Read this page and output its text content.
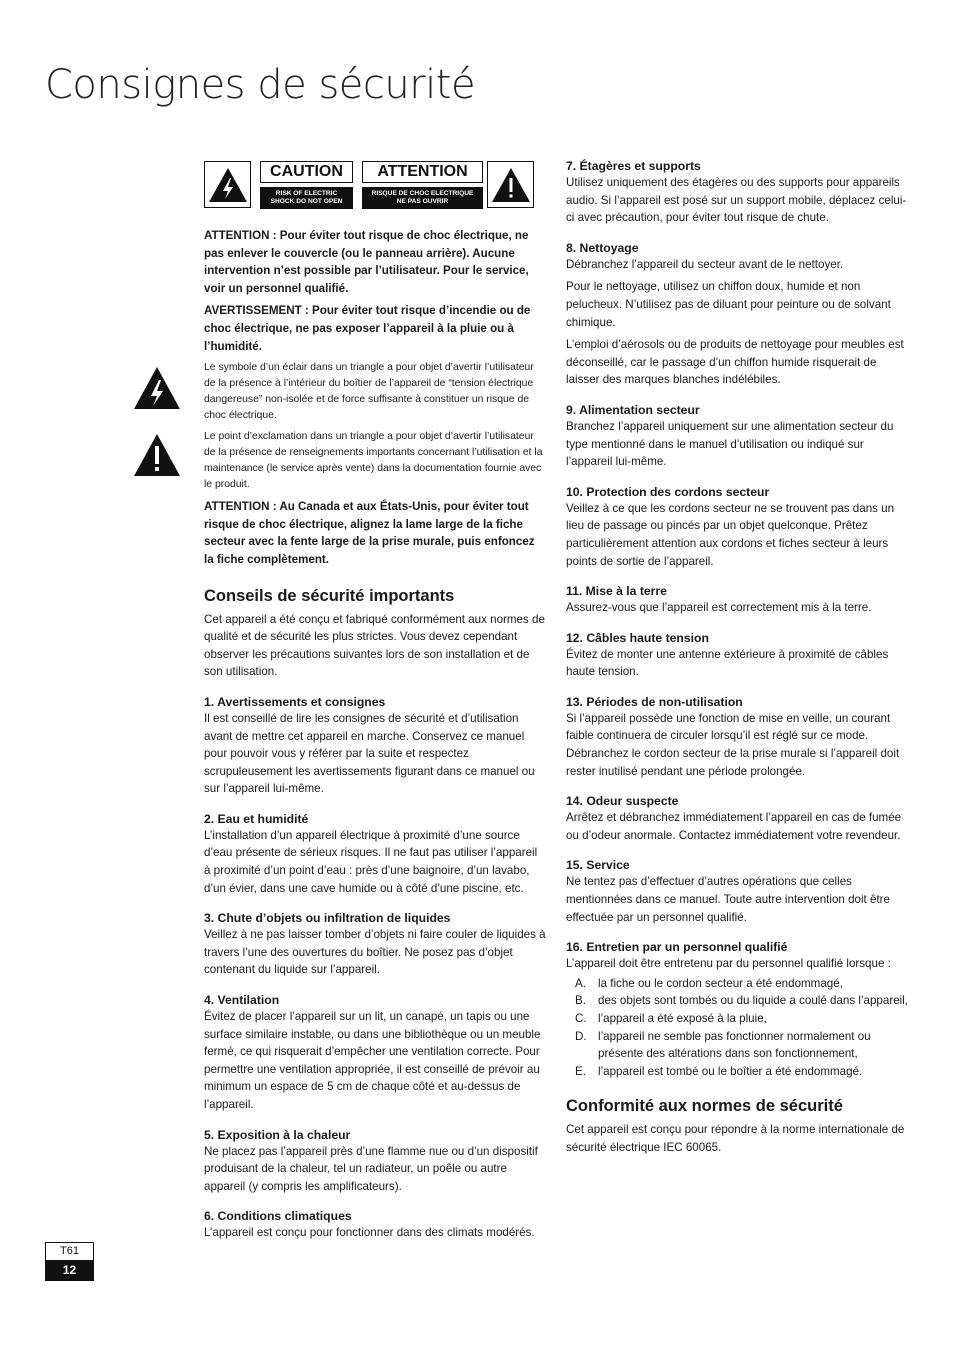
Consignes de sécurité
CAUTION
RISK OF ELECTRIC
SHOCK DO NOT OPEN
ATTENTION
RISQUE DE CHOC ELECTRIQUE
NE PAS OUVRIR

ATTENTION : Pour éviter tout risque de choc électrique, ne pas enlever le couvercle (ou le panneau arrière). Aucune intervention n’est possible par l’utilisateur. Pour le service, voir un personnel qualifié.

AVERTISSEMENT : Pour éviter tout risque d’incendie ou de choc électrique, ne pas exposer l’appareil à la pluie ou à l’humidité.

Le symbole d’un éclair dans un triangle a pour objet d’avertir l’utilisateur de la présence à l’intérieur du boîtier de l’appareil de “tension électrique dangereuse” non-isolée et de force suffisante à constituer un risque de choc électrique.

Le point d’exclamation dans un triangle a pour objet d’avertir l’utilisateur de la présence de renseignements importants concernant l’utilisation et la maintenance (le service après vente) dans la documentation fournie avec le produit.

ATTENTION : Au Canada et aux États-Unis, pour éviter tout risque de choc électrique, alignez la lame large de la fiche secteur avec la fente large de la prise murale, puis enfoncez la fiche complètement.

Conseils de sécurité importants

Cet appareil a été conçu et fabriqué conformément aux normes de qualité et de sécurité les plus strictes. Vous devez cependant observer les précautions suivantes lors de son installation et de son utilisation.

1. Avertissements et consignes

Il est conseillé de lire les consignes de sécurité et d’utilisation avant de mettre cet appareil en marche. Conservez ce manuel pour pouvoir vous y référer par la suite et respectez scrupuleusement les avertissements figurant dans ce manuel ou sur l’appareil lui-même.

2. Eau et humidité

L’installation d’un appareil électrique à proximité d’une source d’eau présente de sérieux risques. Il ne faut pas utiliser l’appareil à proximité d’un point d’eau : près d’une baignoire, d’un lavabo, d’un évier, dans une cave humide ou à côté d’une piscine, etc.

3. Chute d’objets ou infiltration de liquides

Veillez à ne pas laisser tomber d’objets ni faire couler de liquides à travers l’une des ouvertures du boîtier. Ne posez pas d’objet contenant du liquide sur l’appareil.

4. Ventilation

Évitez de placer l’appareil sur un lit, un canapé, un tapis ou une surface similaire instable, ou dans une bibliothèque ou un meuble fermé, ce qui risquerait d’empêcher une ventilation correcte. Pour permettre une ventilation appropriée, il est conseillé de prévoir au minimum un espace de 5 cm de chaque côté et au-dessus de l’appareil.

5. Exposition à la chaleur

Ne placez pas l’appareil près d’une flamme nue ou d’un dispositif produisant de la chaleur, tel un radiateur, un poêle ou autre appareil (y compris les amplificateurs).

6. Conditions climatiques

L’appareil est conçu pour fonctionner dans des climats modérés.

7. Étagères et supports

Utilisez uniquement des étagères ou des supports pour appareils audio. Si l’appareil est posé sur un support mobile, déplacez celui-ci avec précaution, pour éviter tout risque de chute.

8. Nettoyage

Débranchez l’appareil du secteur avant de le nettoyer.

Pour le nettoyage, utilisez un chiffon doux, humide et non pelucheux. N’utilisez pas de diluant pour peinture ou de solvant chimique.

L’emploi d’aérosols ou de produits de nettoyage pour meubles est déconseillé, car le passage d’un chiffon humide risquerait de laisser des marques blanches indélébiles.

9. Alimentation secteur

Branchez l’appareil uniquement sur une alimentation secteur du type mentionné dans le manuel d’utilisation ou indiqué sur l’appareil lui-même.

10. Protection des cordons secteur

Veillez à ce que les cordons secteur ne se trouvent pas dans un lieu de passage ou pincés par un objet quelconque. Prêtez particulièrement attention aux cordons et fiches secteur à leurs points de sortie de l’appareil.

11. Mise à la terre

Assurez-vous que l’appareil est correctement mis à la terre.

12. Câbles haute tension

Évitez de monter une antenne extérieure à proximité de câbles haute tension.

13. Périodes de non-utilisation

Si l’appareil possède une fonction de mise en veille, un courant faible continuera de circuler lorsqu’il est réglé sur ce mode. Débranchez le cordon secteur de la prise murale si l’appareil doit rester inutilisé pendant une période prolongée.

14. Odeur suspecte

Arrêtez et débranchez immédiatement l’appareil en cas de fumée ou d’odeur anormale. Contactez immédiatement votre revendeur.

15. Service

Ne tentez pas d’effectuer d’autres opérations que celles mentionnées dans ce manuel. Toute autre intervention doit être effectuée par un personnel qualifié.

16. Entretien par un personnel qualifié

L’appareil doit être entretenu par du personnel qualifié lorsque :

A. la fiche ou le cordon secteur a été endommagé,
B. des objets sont tombés ou du liquide a coulé dans l’appareil,
C. l’appareil a été exposé à la pluie,
D. l’appareil ne semble pas fonctionner normalement ou présente des altérations dans son fonctionnement,
E. l’appareil est tombé ou le boîtier a été endommagé.
Conformité aux normes de sécurité

Cet appareil est conçu pour répondre à la norme internationale de sécurité électrique IEC 60065.

T61
12
